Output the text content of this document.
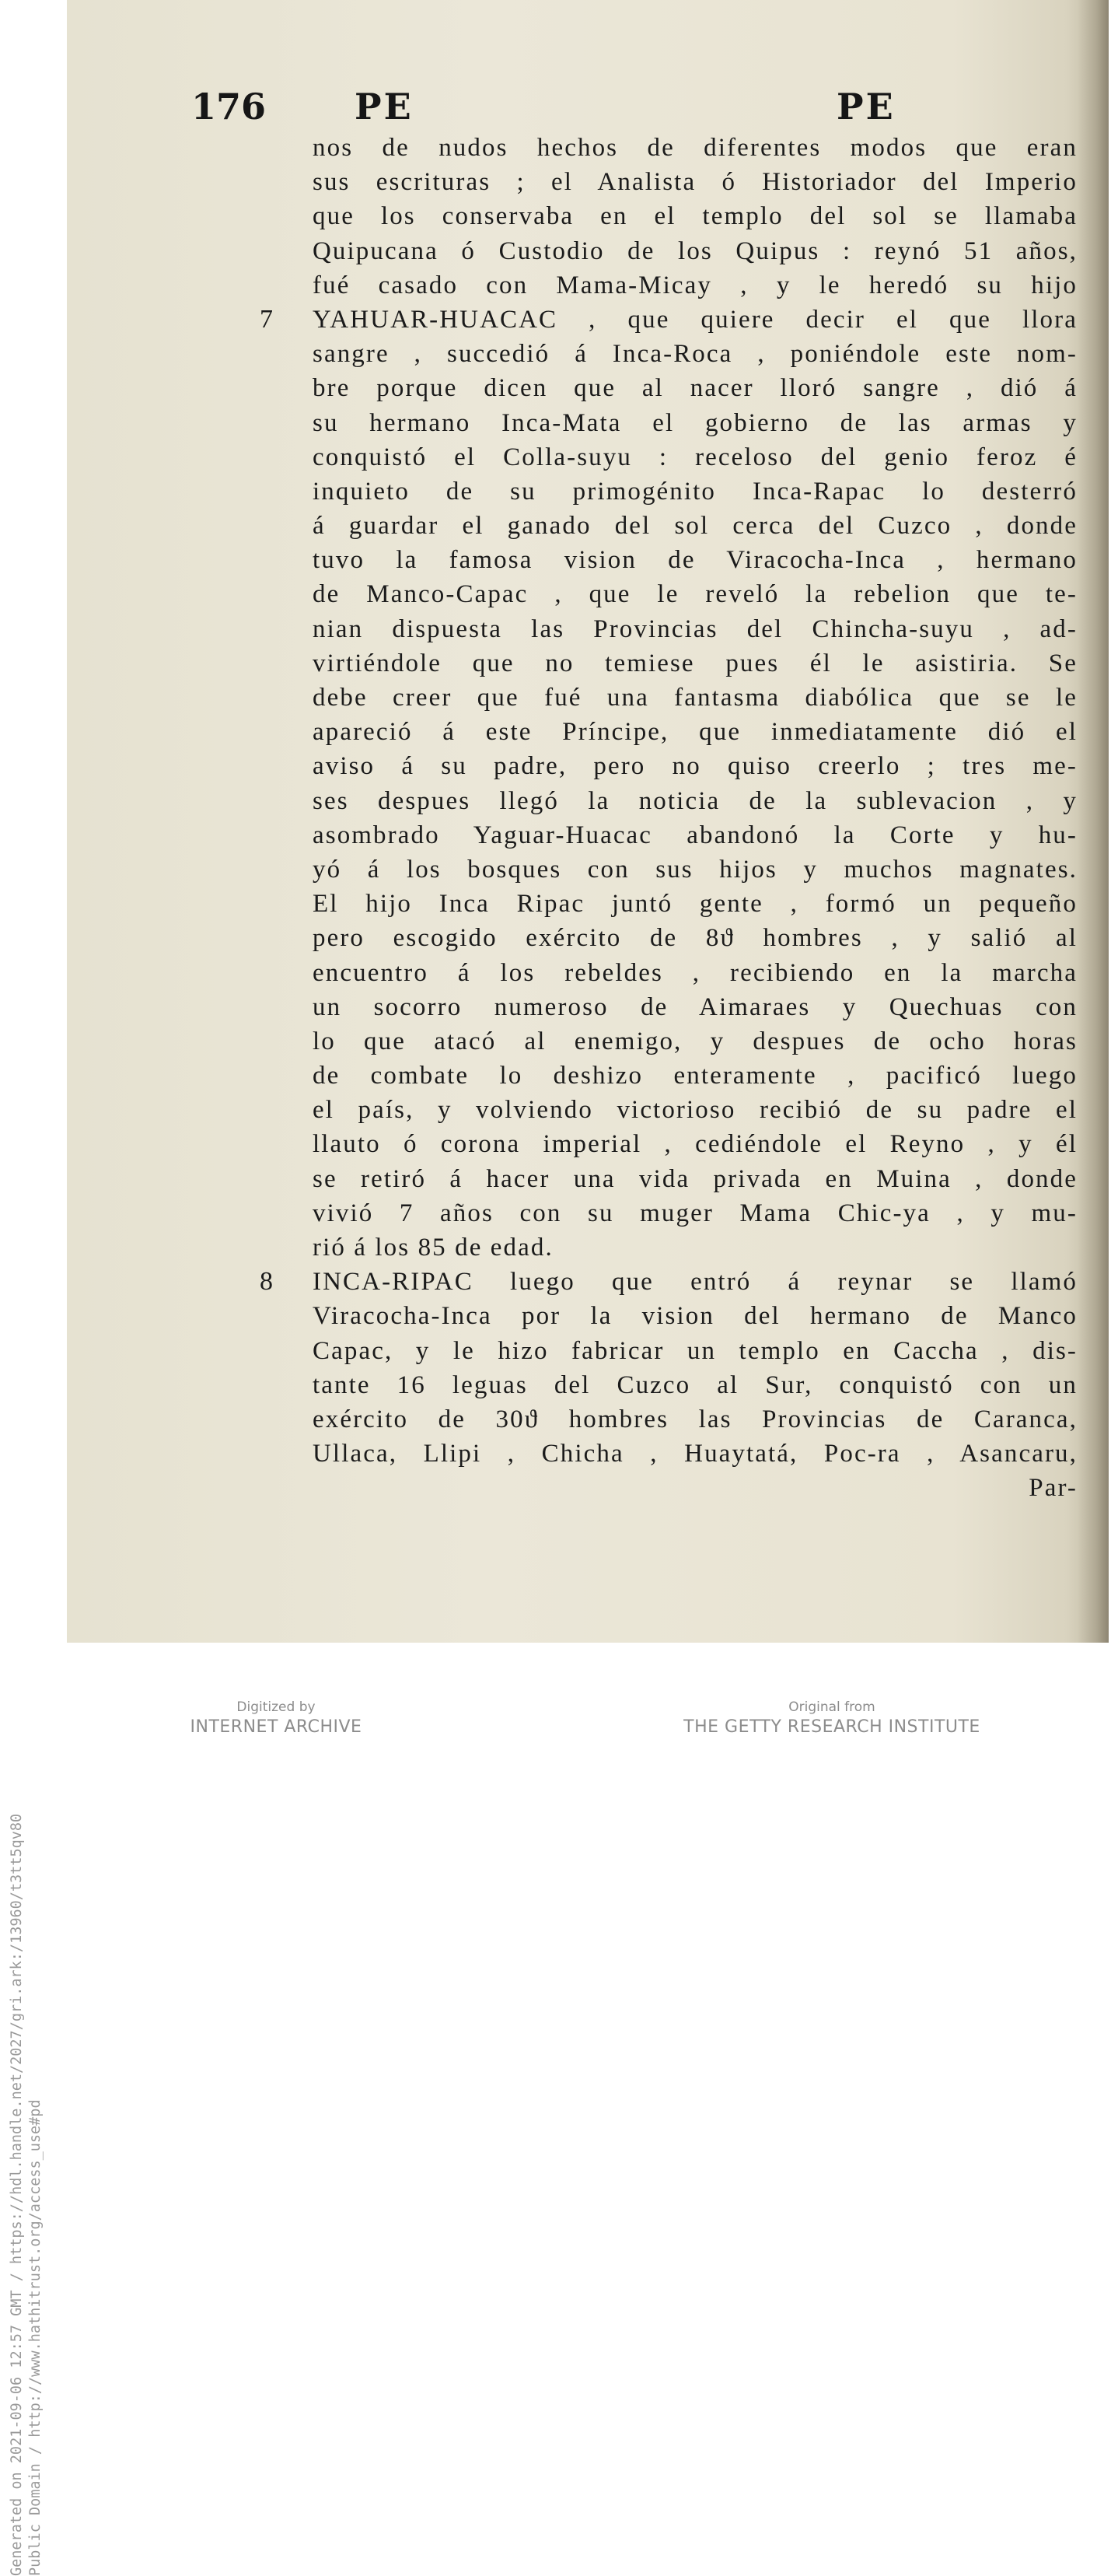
176 PE	PE
nos de nudos hechos de diferentes modos que eran
sus escrituras ; el Analista ó Historiador del Imperio
que los conservaba en el templo del sol se llamaba
Quipucana ó Custodio de los Quipus : reynó 51 años,
fué casado con Mama-Micay , y le heredó su hijo
7 YAHUAR-HUACAC , que quiere decir el que llora
sangre , succedió á Inca-Roca , poniéndole este nom-
bre porque dicen que al nacer lloró sangre , dió á
su hermano Inca-Mata el gobierno de las armas y
conquistó el Colla-suyu : receloso del genio feroz é
inquieto de su primogénito Inca-Rapac lo desterró
á guardar el ganado del sol cerca del Cuzco , donde
tuvo la famosa vision de Viracocha-Inca , hermano
de Manco-Capac , que le reveló la rebelion que te-
nian dispuesta las Provincias del Chincha-suyu , ad-
virtiéndole que no temiese pues él le asistiria. Se
debe creer que fué una fantasma diabólica que se le
apareció á este Príncipe, que inmediatamente dió el
aviso á su padre, pero no quiso creerlo ; tres me-
ses despues llegó la noticia de la sublevacion , y
asombrado Yaguar-Huacac abandonó la Corte y hu-
yó á los bosques con sus hijos y muchos magnates.
El hijo Inca Ripac juntó gente , formó un pequeño
pero escogido exército de 8ϑ hombres , y salió al
encuentro á los rebeldes , recibiendo en la marcha
un socorro numeroso de Aimaraes y Quechuas con
lo que atacó al enemigo, y despues de ocho horas
de combate lo deshizo enteramente , pacificó luego
el país, y volviendo victorioso recibió de su padre el
llauto ó corona imperial , cediéndole el Reyno , y él
se retiró á hacer una vida privada en Muina , donde
vivió 7 años con su muger Mama Chic-ya , y mu-
rió á los 85 de edad.
8 INCA-RIPAC luego que entró á reynar se llamó
Viracocha-Inca por la vision del hermano de Manco
Capac, y le hizo fabricar un templo en Caccha , dis-
tante 16 leguas del Cuzco al Sur, conquistó con un
exército de 30ϑ hombres las Provincias de Caranca,
Ullaca, Llipi , Chicha , Huaytatá, Poc-ra , Asancaru,
Par-
Generated on 2021-09-06 12:57 GMT / https://hdl.handle.net/2027/gri.ark:/13960/t3tt5qv80 Public Domain / http://www.hathitrust.org/access_use#pd
Digitized by
INTERNET ARCHIVE
Original from
THE GETTY RESEARCH INSTITUTE
